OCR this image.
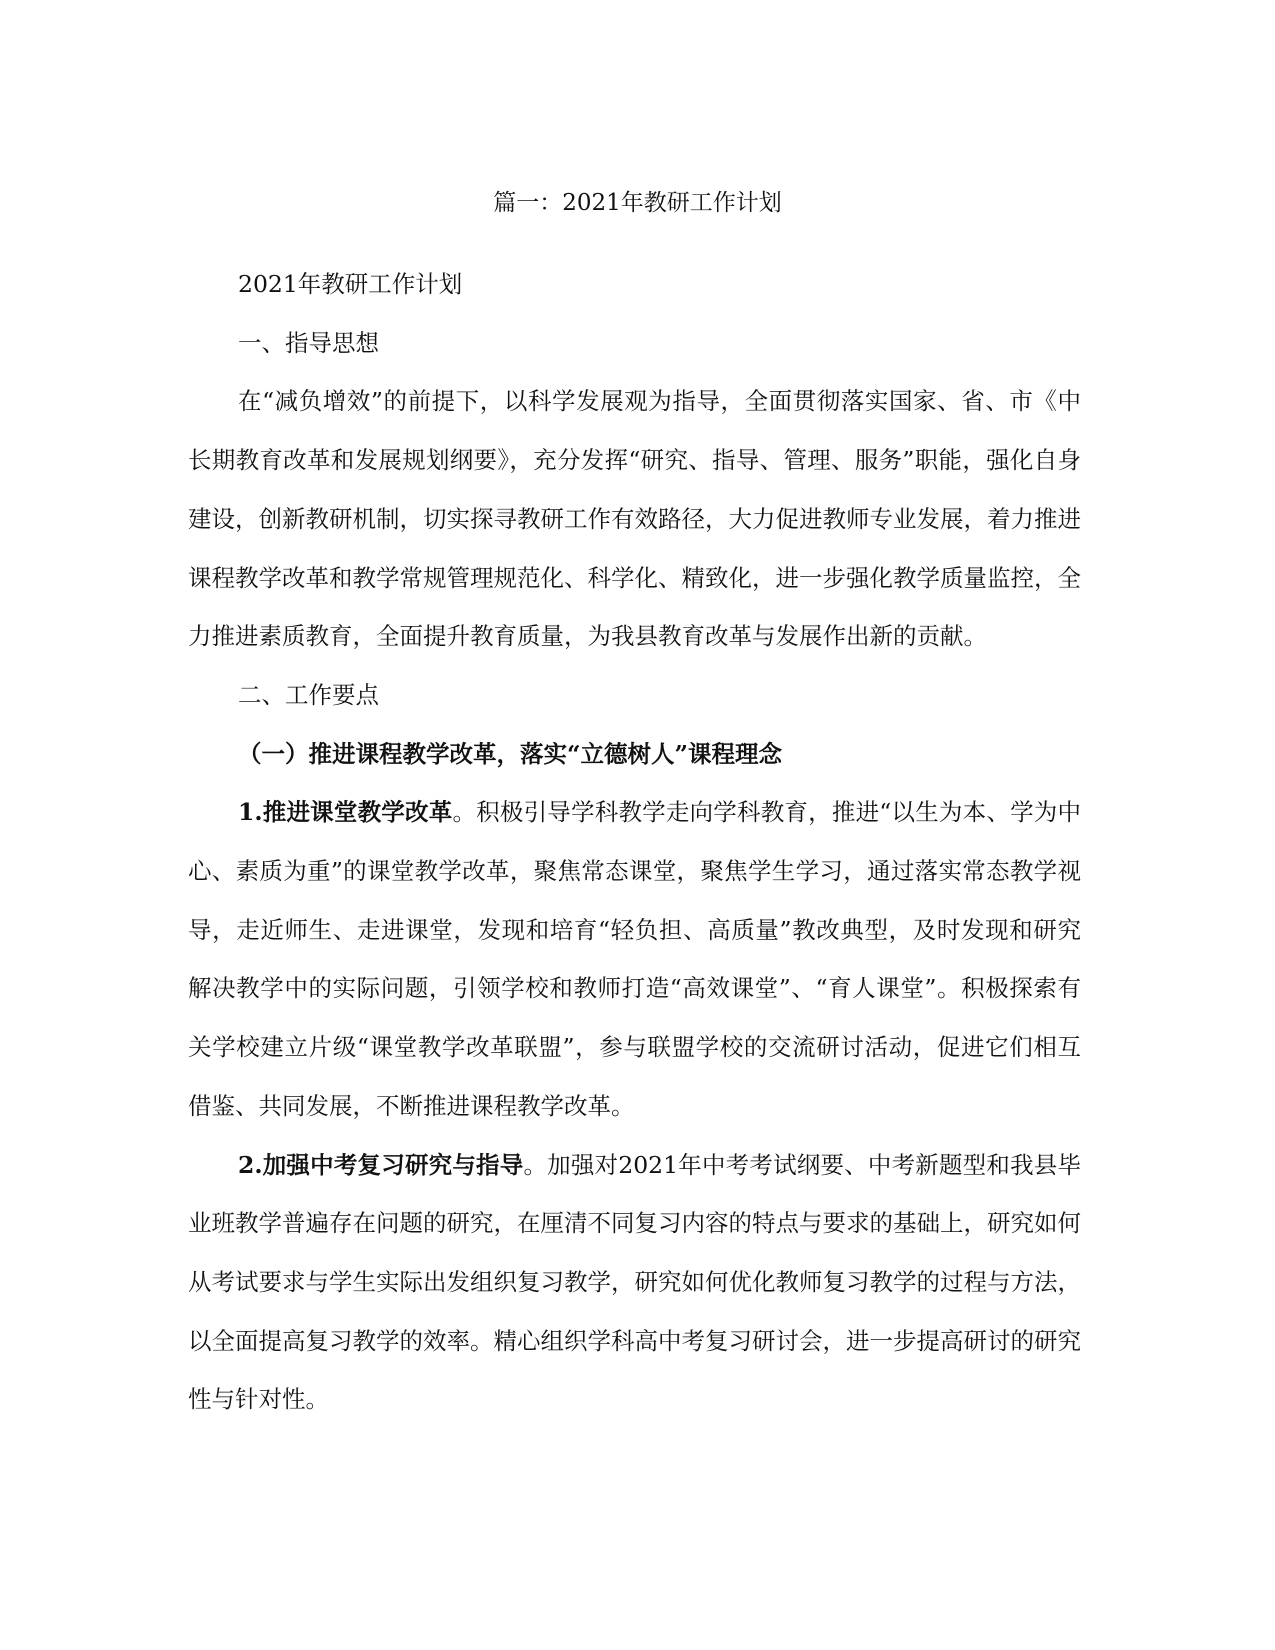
篇一：2021年教研工作计划

2021年教研工作计划

一、指导思想

在“减负增效”的前提下，以科学发展观为指导，全面贯彻落实国家、省、市《中长期教育改革和发展规划纲要》，充分发挥“研究、指导、管理、服务”职能，强化自身建设，创新教研机制，切实探寻教研工作有效路径，大力促进教师专业发展，着力推进课程教学改革和教学常规管理规范化、科学化、精致化，进一步强化教学质量监控，全力推进素质教育，全面提升教育质量，为我县教育改革与发展作出新的贡献。

二、工作要点

（一）推进课程教学改革，落实“立德树人”课程理念

1.推进课堂教学改革。积极引导学科教学走向学科教育，推进“以生为本、学为中心、素质为重”的课堂教学改革，聚焦常态课堂，聚焦学生学习，通过落实常态教学视导，走近师生、走进课堂，发现和培育“轻负担、高质量”教改典型，及时发现和研究解决教学中的实际问题，引领学校和教师打造“高效课堂”、“育人课堂”。积极探索有关学校建立片级“课堂教学改革联盟”，参与联盟学校的交流研讨活动，促进它们相互借鉴、共同发展，不断推进课程教学改革。

2.加强中考复习研究与指导。加强对2021年中考考试纲要、中考新题型和我县毕业班教学普遍存在问题的研究，在厘清不同复习内容的特点与要求的基础上，研究如何从考试要求与学生实际出发组织复习教学，研究如何优化教师复习教学的过程与方法，以全面提高复习教学的效率。精心组织学科高中考复习研讨会，进一步提高研讨的研究性与针对性。
